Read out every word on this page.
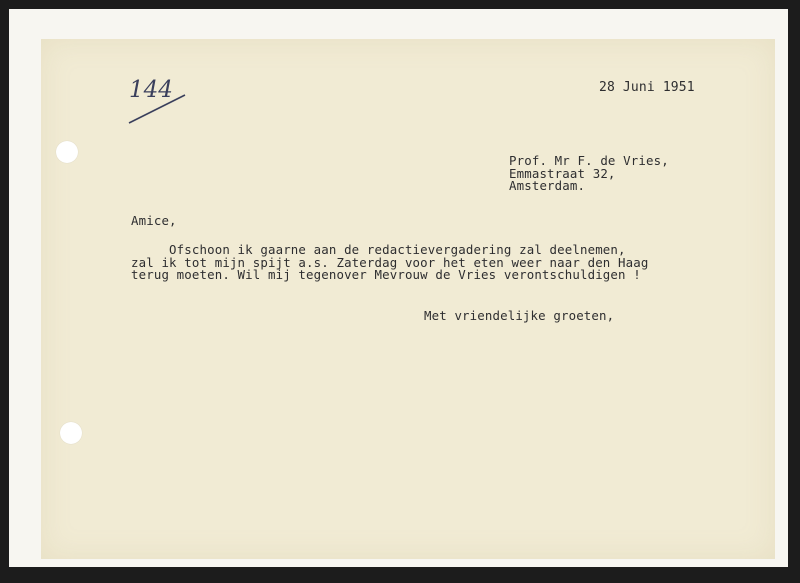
144	28 Juni 1951
Prof. Mr F. de Vries,
Emmastraat 32,
Amsterdam.
Amice,
Ofschoon ik gaarne aan de redactievergadering zal deelnemen,
zal ik tot mijn spijt a.s. Zaterdag voor het eten weer naar den Haag
terug moeten. Wil mij tegenover Mevrouw de Vries verontschuldigen !
Met vriendelijke groeten,
